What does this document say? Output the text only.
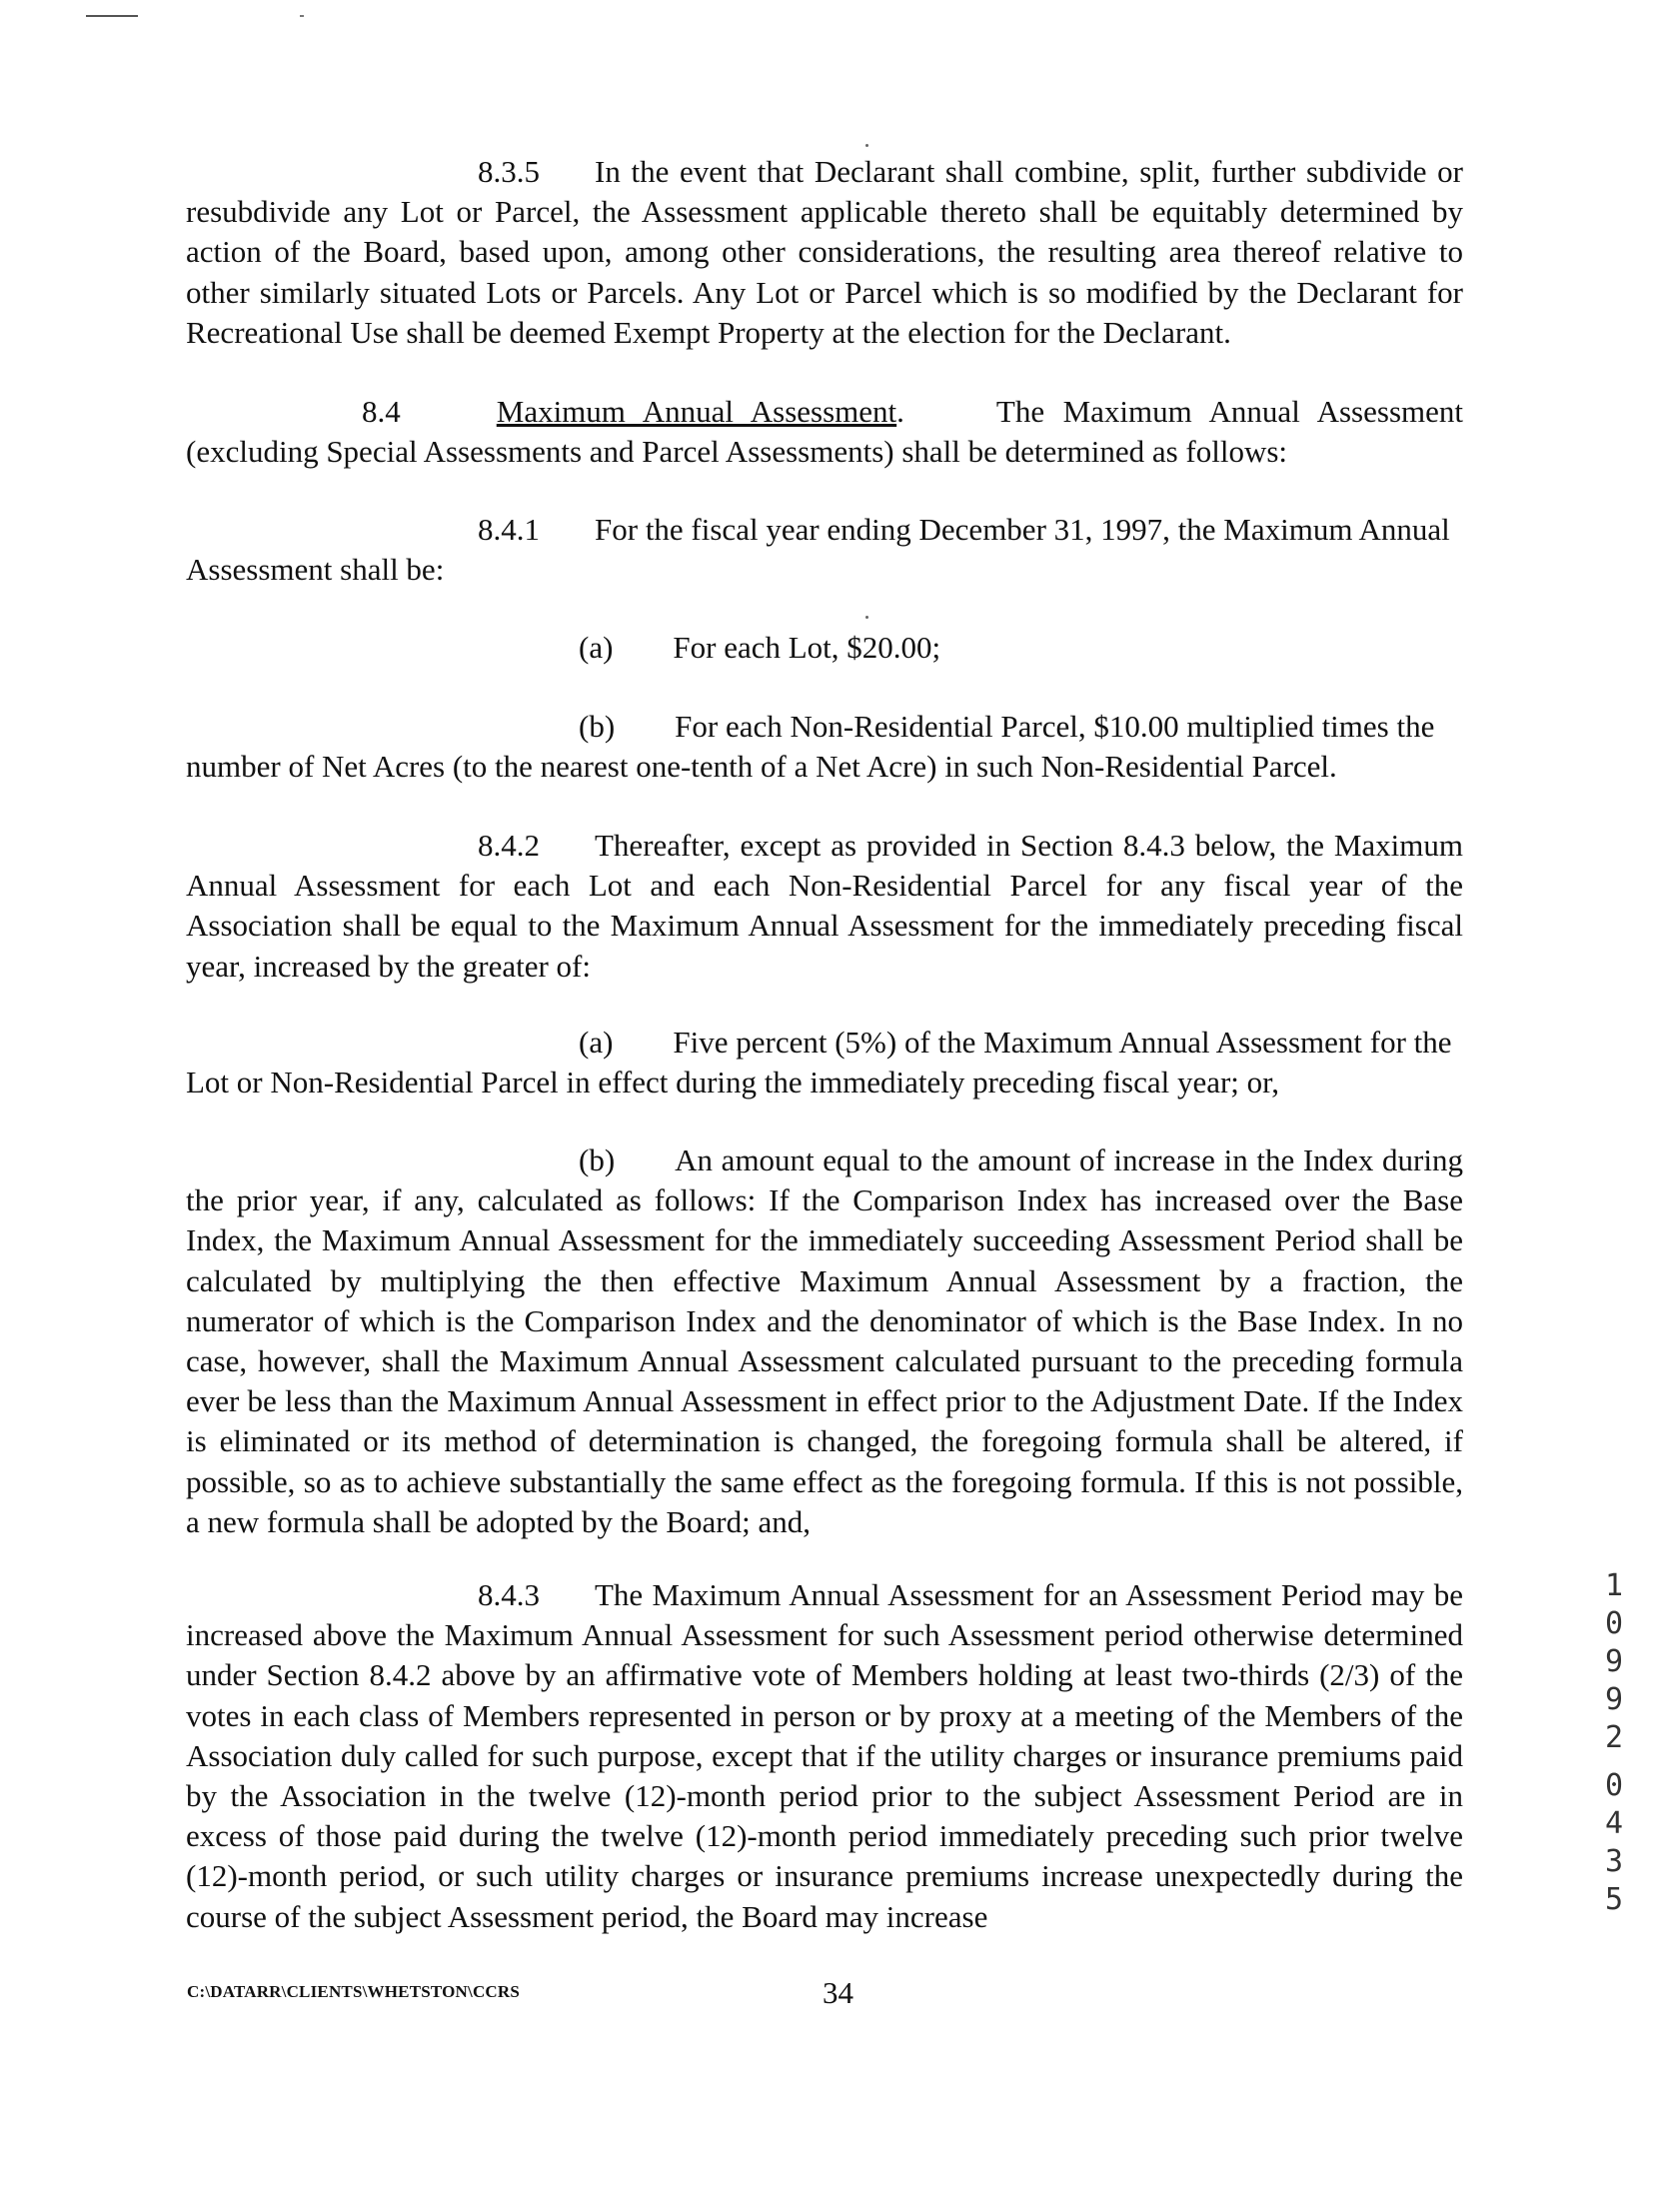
8.3.5 In the event that Declarant shall combine, split, further subdivide or resubdivide any Lot or Parcel, the Assessment applicable thereto shall be equitably determined by action of the Board, based upon, among other considerations, the resulting area thereof relative to other similarly situated Lots or Parcels. Any Lot or Parcel which is so modified by the Declarant for Recreational Use shall be deemed Exempt Property at the election for the Declarant.

8.4	Maximum Annual Assessment.	The Maximum Annual Assessment (excluding Special Assessments and Parcel Assessments) shall be determined as follows:

8.4.1 For the fiscal year ending December 31, 1997, the Maximum Annual Assessment shall be:

(a) For each Lot, $20.00;

(b) For each Non-Residential Parcel, $10.00 multiplied times the number of Net Acres (to the nearest one-tenth of a Net Acre) in such Non-Residential Parcel.

8.4.2 Thereafter, except as provided in Section 8.4.3 below, the Maximum Annual Assessment for each Lot and each Non-Residential Parcel for any fiscal year of the Association shall be equal to the Maximum Annual Assessment for the immediately preceding fiscal year, increased by the greater of:

(a) Five percent (5%) of the Maximum Annual Assessment for the Lot or Non-Residential Parcel in effect during the immediately preceding fiscal year; or,

(b) An amount equal to the amount of increase in the Index during the prior year, if any, calculated as follows: If the Comparison Index has increased over the Base Index, the Maximum Annual Assessment for the immediately succeeding Assessment Period shall be calculated by multiplying the then effective Maximum Annual Assessment by a fraction, the numerator of which is the Comparison Index and the denominator of which is the Base Index. In no case, however, shall the Maximum Annual Assessment calculated pursuant to the preceding formula ever be less than the Maximum Annual Assessment in effect prior to the Adjustment Date. If the Index is eliminated or its method of determination is changed, the foregoing formula shall be altered, if possible, so as to achieve substantially the same effect as the foregoing formula. If this is not possible, a new formula shall be adopted by the Board; and,

8.4.3 The Maximum Annual Assessment for an Assessment Period may be increased above the Maximum Annual Assessment for such Assessment period otherwise determined under Section 8.4.2 above by an affirmative vote of Members holding at least two-thirds (2/3) of the votes in each class of Members represented in person or by proxy at a meeting of the Members of the Association duly called for such purpose, except that if the utility charges or insurance premiums paid by the Association in the twelve (12)-month period prior to the subject Assessment Period are in excess of those paid during the twelve (12)-month period immediately preceding such prior twelve (12)-month period, or such utility charges or insurance premiums increase unexpectedly during the course of the subject Assessment period, the Board may increase

1
0
9
9
2
0
4
3
5
C:\DATARR\CLIENTS\WHETSTON\CCRS	34
